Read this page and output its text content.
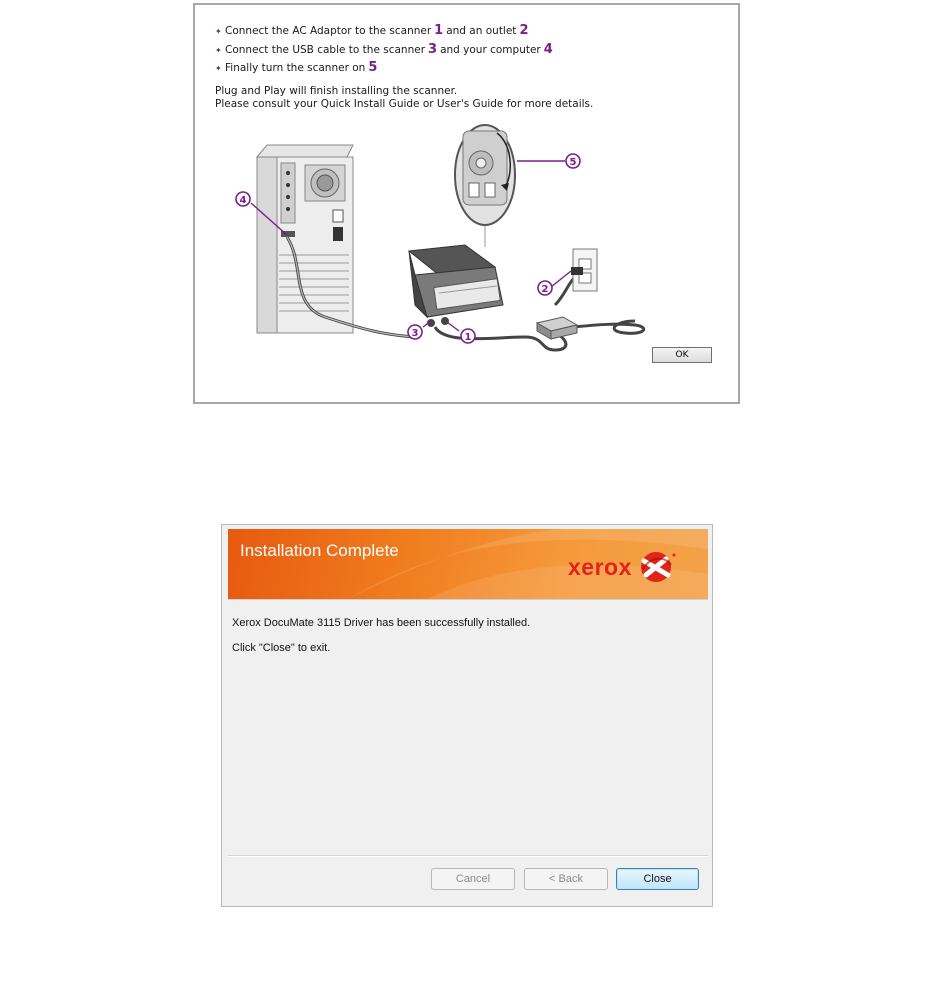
✦ Connect the AC Adaptor to the scanner 1 and an outlet 2
✦ Connect the USB cable to the scanner 3 and your computer 4
✦ Finally turn the scanner on 5
Plug and Play will finish installing the scanner.
Please consult your Quick Install Guide or User's Guide for more details.
4
2
3	1
5
OK
Installation Complete
xerox
Xerox DocuMate 3115 Driver has been successfully installed.
Click "Close" to exit.
Cancel	< Back	Close
